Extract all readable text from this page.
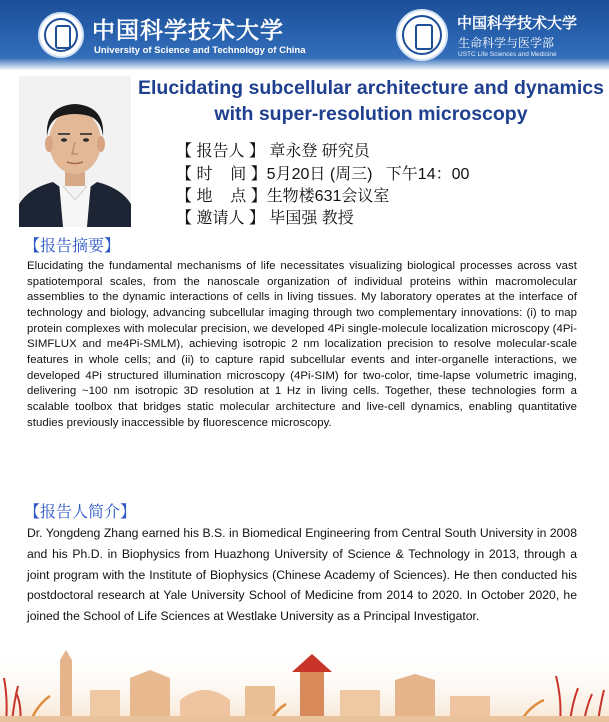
中国科学技术大学
University of Science and Technology of China
中国科学技术大学
生命科学与医学部
USTC Life Sciences and Medicine
Elucidating subcellular architecture and dynamics with super-resolution microscopy
【 报告人 】 章永登 研究员
【 时    间 】5月20日 (周三)   下午14：00
【 地    点 】生物楼631会议室
【 邀请人 】 毕国强 教授
【报告摘要】
Elucidating the fundamental mechanisms of life necessitates visualizing biological processes across vast spatiotemporal scales, from the nanoscale organization of individual proteins within macromolecular assemblies to the dynamic interactions of cells in living tissues. My laboratory operates at the interface of technology and biology, advancing subcellular imaging through two complementary innovations: (i) to map protein complexes with molecular precision, we developed 4Pi single-molecule localization microscopy (4Pi-SIMFLUX and me4Pi-SMLM), achieving isotropic 2 nm localization precision to resolve molecular-scale features in whole cells; and (ii) to capture rapid subcellular events and inter-organelle interactions, we developed 4Pi structured illumination microscopy (4Pi-SIM) for two-color, time-lapse volumetric imaging, delivering ~100 nm isotropic 3D resolution at 1 Hz in living cells. Together, these technologies form a scalable toolbox that bridges static molecular architecture and live-cell dynamics, enabling quantitative studies previously inaccessible by fluorescence microscopy.
【报告人简介】
Dr. Yongdeng Zhang earned his B.S. in Biomedical Engineering from Central South University in 2008 and his Ph.D. in Biophysics from Huazhong University of Science & Technology in 2013, through a joint program with the Institute of Biophysics (Chinese Academy of Sciences). He then conducted his postdoctoral research at Yale University School of Medicine from 2014 to 2020. In October 2020, he joined the School of Life Sciences at Westlake University as a Principal Investigator.
